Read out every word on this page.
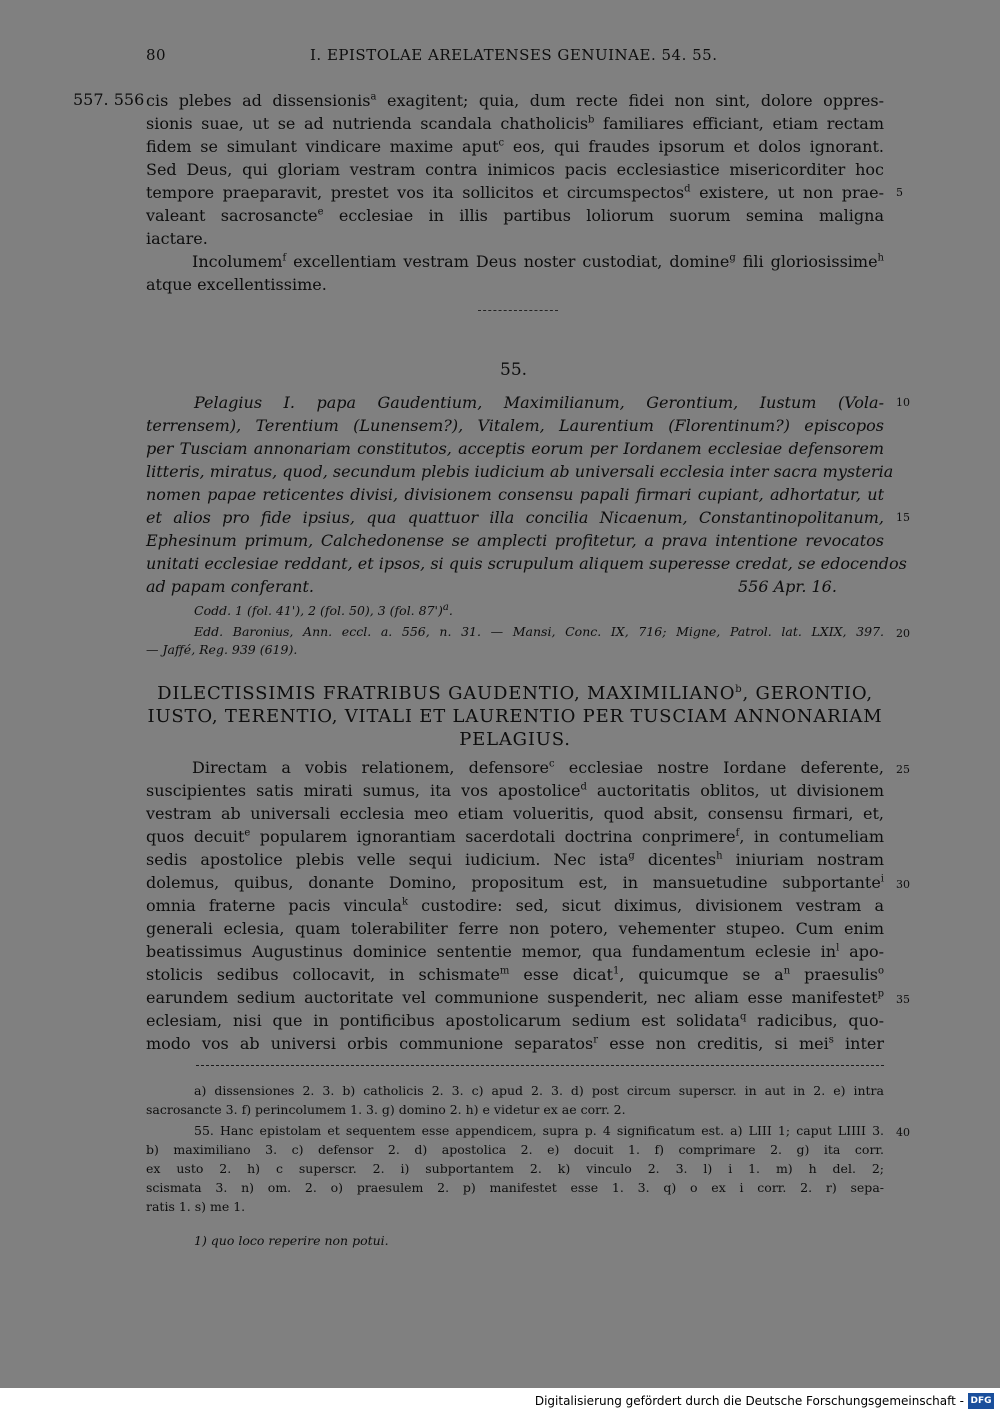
80	I. EPISTOLAE ARELATENSES GENUINAE. 54. 55.
557. 556 cis plebes ad dissensionis$^a$ exagitent; quia, dum recte fidei non sint, dolore oppres-
sionis suae, ut se ad nutrienda scandala chatholicis$^b$ familiares efficiant, etiam rectam
fidem se simulant vindicare maxime aput$^c$ eos, qui fraudes ipsorum et dolos ignorant.
Sed Deus, qui gloriam vestram contra inimicos pacis ecclesiastice misericorditer hoc
tempore praeparavit, prestet vos ita sollicitos et circumspectos$^d$ existere, ut non prae-
valeant sacrosancte$^e$ ecclesiae in illis partibus loliorum suorum semina maligna
iactare.
Incolumem$^f$ excellentiam vestram Deus noster custodiat, domine$^g$ fili gloriosissime$^h$
atque excellentissime.
55.
Pelagius I. papa Gaudentium, Maximilianum, Gerontium, Iustum (Vola-
terrensem), Terentium (Lunensem?), Vitalem, Laurentium (Florentinum?) episcopos
per Tusciam annonariam constitutos, acceptis eorum per Iordanem ecclesiae defensorem
litteris, miratus, quod, secundum plebis iudicium ab universali ecclesia inter sacra mysteria
nomen papae reticentes divisi, divisionem consensu papali firmari cupiant, adhortatur, ut
et alios pro fide ipsius, qua quattuor illa concilia Nicaenum, Constantinopolitanum,
Ephesinum primum, Calchedonense se amplecti profitetur, a prava intentione revocatos
unitati ecclesiae reddant, et ipsos, si quis scrupulum aliquem superesse credat, se edocendos
ad papam conferant.	556 Apr. 16.
Codd. 1 (fol. 41'), 2 (fol. 50), 3 (fol. 87')$^a$.
Edd. Baronius, Ann. eccl. a. 556, n. 31. — Mansi, Conc. IX, 716; Migne, Patrol. lat. LXIX, 397.
— Jaffé, Reg. 939 (619).
DILECTISSIMIS FRATRIBUS GAUDENTIO, MAXIMILIANO$^b$, GERONTIO,
IUSTO, TERENTIO, VITALI ET LAURENTIO PER TUSCIAM ANNONARIAM
PELAGIUS.
Directam a vobis relationem, defensore$^c$ ecclesiae nostre Iordane deferente,
suscipientes satis mirati sumus, ita vos apostolice$^d$ auctoritatis oblitos, ut divisionem
vestram ab universali ecclesia meo etiam volueritis, quod absit, consensu firmari, et,
quos decuit$^e$ popularem ignorantiam sacerdotali doctrina conprimere$^f$, in contumeliam
sedis apostolice plebis velle sequi iudicium. Nec ista$^g$ dicentes$^h$ iniuriam nostram
dolemus, quibus, donante Domino, propositum est, in mansuetudine subportante$^i$
omnia fraterne pacis vincula$^k$ custodire: sed, sicut diximus, divisionem vestram a
generali eclesia, quam tolerabiliter ferre non potero, vehementer stupeo. Cum enim
beatissimus Augustinus dominice sententie memor, qua fundamentum eclesie in$^l$ apo-
stolicis sedibus collocavit, in schismate$^m$ esse dicat$^1$, quicumque se a$^n$ praesulis$^o$
earundem sedium auctoritate vel communione suspenderit, nec aliam esse manifestet$^p$
eclesiam, nisi que in pontificibus apostolicarum sedium est solidata$^q$ radicibus, quo-
modo vos ab universi orbis communione separatos$^r$ esse non creditis, si mei$^s$ inter
a) dissensiones 2. 3. b) catholicis 2. 3. c) apud 2. 3. d) post circum superscr. in aut in 2. e) intra
sacrosancte 3. f) perincolumem 1. 3. g) domino 2. h) e videtur ex ae corr. 2.
55. Hanc epistolam et sequentem esse appendicem, supra p. 4 significatum est. a) LIII 1; caput LIIII 3.
b) maximiliano 3. c) defensor 2. d) apostolica 2. e) docuit 1. f) comprimare 2. g) ita corr.
ex usto 2. h) c superscr. 2. i) subportantem 2. k) vinculo 2. 3. l) i 1. m) h del. 2;
scismata 3. n) om. 2. o) praesulem 2. p) manifestet esse 1. 3. q) o ex i corr. 2. r) sepa-
ratis 1. s) me 1.
1) quo loco reperire non potui.
5
10
15
20
25
30
35
40
Digitalisierung gefördert durch die Deutsche Forschungsgemeinschaft - DFG
